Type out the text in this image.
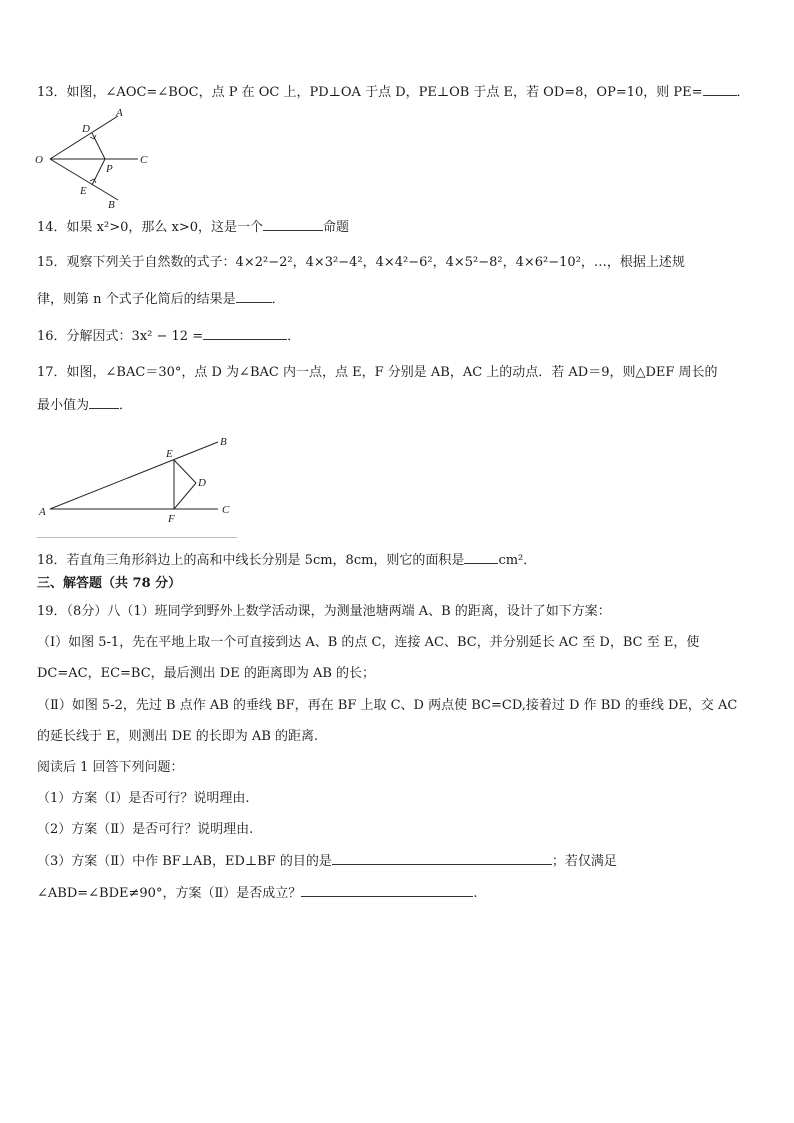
13．如图，∠AOC=∠BOC，点 P 在 OC 上，PD⊥OA 于点 D，PE⊥OB 于点 E，若 OD=8，OP=10，则 PE=	．
A
B
C
D
E
O
P
14．如果 x²>0，那么 x>0，这是一个	命题
15．观察下列关于自然数的式子：4×2²−2²，4×3²−4²，4×4²−6²，4×5²−8²，4×6²−10²，…，根据上述规
律，则第 n 个式子化简后的结果是	．
16．分解因式：3x² − 12 =	．
17．如图，∠BAC＝30°，点 D 为∠BAC 内一点，点 E，F 分别是 AB，AC 上的动点．若 AD＝9，则△DEF 周长的
最小值为 ．
A
B
C
D
E
F
18．若直角三角形斜边上的高和中线长分别是 5cm，8cm，则它的面积是	cm²．
三、解答题（共 78 分）
19．（8分）八（1）班同学到野外上数学活动课，为测量池塘两端 A、B 的距离，设计了如下方案：
（Ⅰ）如图 5-1，先在平地上取一个可直接到达 A、B 的点 C，连接 AC、BC，并分别延长 AC 至 D，BC 至 E，使
DC=AC，EC=BC，最后测出 DE 的距离即为 AB 的长；
（Ⅱ）如图 5-2，先过 B 点作 AB 的垂线 BF，再在 BF 上取 C、D 两点使 BC=CD,接着过 D 作 BD 的垂线 DE，交 AC
的延长线于 E，则测出 DE 的长即为 AB 的距离.
阅读后 1 回答下列问题：
（1）方案（Ⅰ）是否可行？说明理由.
（2）方案（Ⅱ）是否可行？说明理由.
（3）方案（Ⅱ）中作 BF⊥AB，ED⊥BF 的目的是	；若仅满足
∠ABD=∠BDE≠90°，方案（Ⅱ）是否成立？	.
